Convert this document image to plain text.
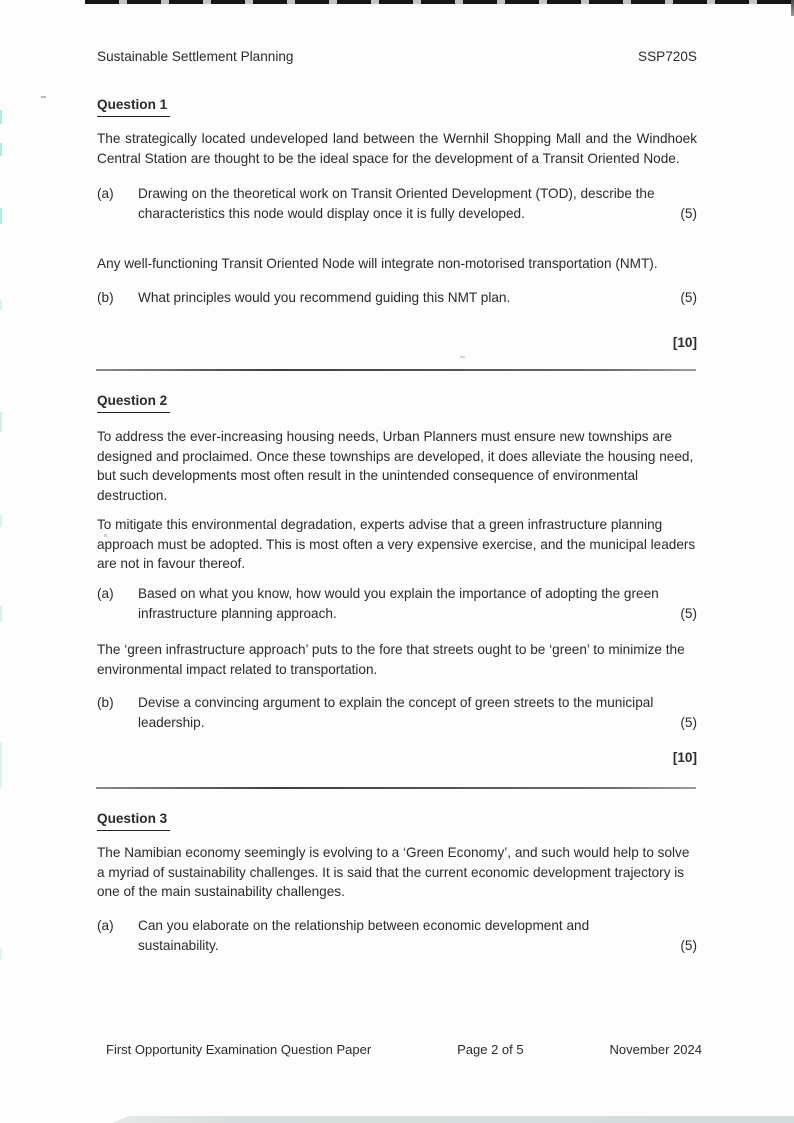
Sustainable Settlement Planning	SSP720S
Question 1
The strategically located undeveloped land between the Wernhil Shopping Mall and the Windhoek Central Station are thought to be the ideal space for the development of a Transit Oriented Node.
(a)	Drawing on the theoretical work on Transit Oriented Development (TOD), describe the characteristics this node would display once it is fully developed.	(5)
Any well-functioning Transit Oriented Node will integrate non-motorised transportation (NMT).
(b)	What principles would you recommend guiding this NMT plan.	(5)
[10]
Question 2
To address the ever-increasing housing needs, Urban Planners must ensure new townships are designed and proclaimed. Once these townships are developed, it does alleviate the housing need, but such developments most often result in the unintended consequence of environmental destruction.
To mitigate this environmental degradation, experts advise that a green infrastructure planning approach must be adopted. This is most often a very expensive exercise, and the municipal leaders are not in favour thereof.
(a)	Based on what you know, how would you explain the importance of adopting the green infrastructure planning approach.	(5)
The ‘green infrastructure approach’ puts to the fore that streets ought to be ‘green’ to minimize the environmental impact related to transportation.
(b)	Devise a convincing argument to explain the concept of green streets to the municipal leadership.	(5)
[10]
Question 3
The Namibian economy seemingly is evolving to a ‘Green Economy’, and such would help to solve a myriad of sustainability challenges. It is said that the current economic development trajectory is one of the main sustainability challenges.
(a)	Can you elaborate on the relationship between economic development and sustainability.	(5)
First Opportunity Examination Question Paper	Page 2 of 5	November 2024
